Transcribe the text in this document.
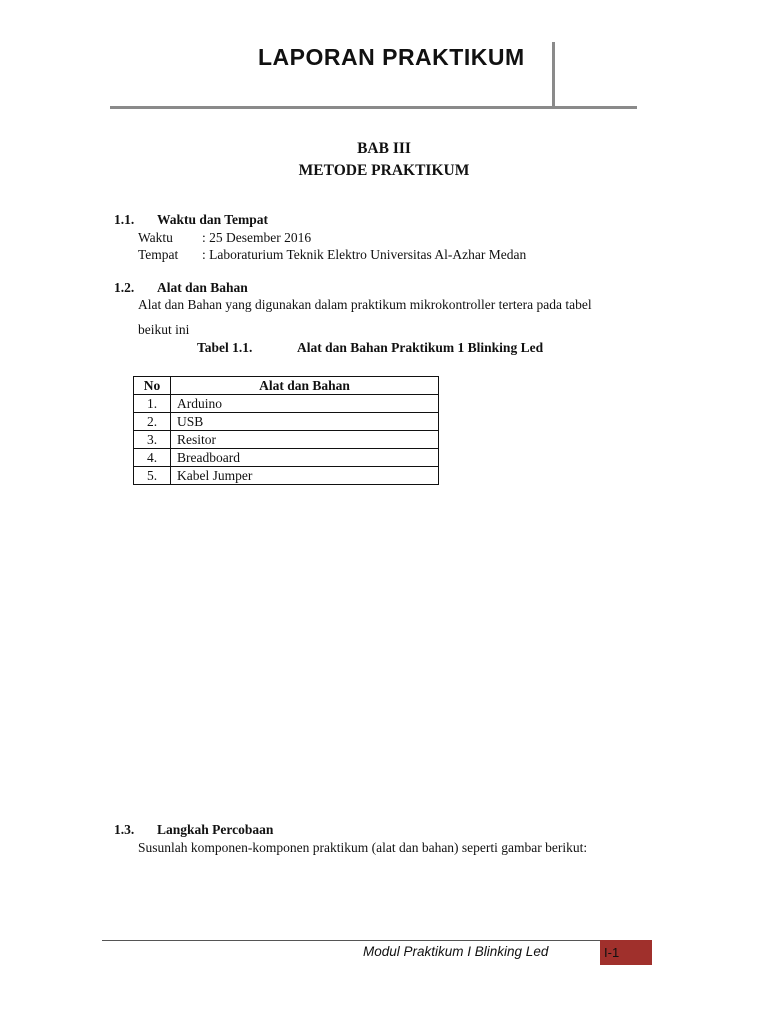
LAPORAN PRAKTIKUM
BAB III
METODE PRAKTIKUM
1.1. Waktu dan Tempat
Waktu : 25 Desember 2016
Tempat : Laboraturium Teknik Elektro Universitas Al-Azhar Medan
1.2. Alat dan Bahan
Alat dan Bahan yang digunakan dalam praktikum mikrokontroller tertera pada tabel
beikut ini
Tabel 1.1.	Alat dan Bahan Praktikum 1 Blinking Led
No	Alat dan Bahan
1.	Arduino
2.	USB
3.	Resitor
4.	Breadboard
5.	Kabel Jumper
1.3. Langkah Percobaan
Susunlah komponen-komponen praktikum (alat dan bahan) seperti gambar berikut:
Modul Praktikum I Blinking Led	I-1
